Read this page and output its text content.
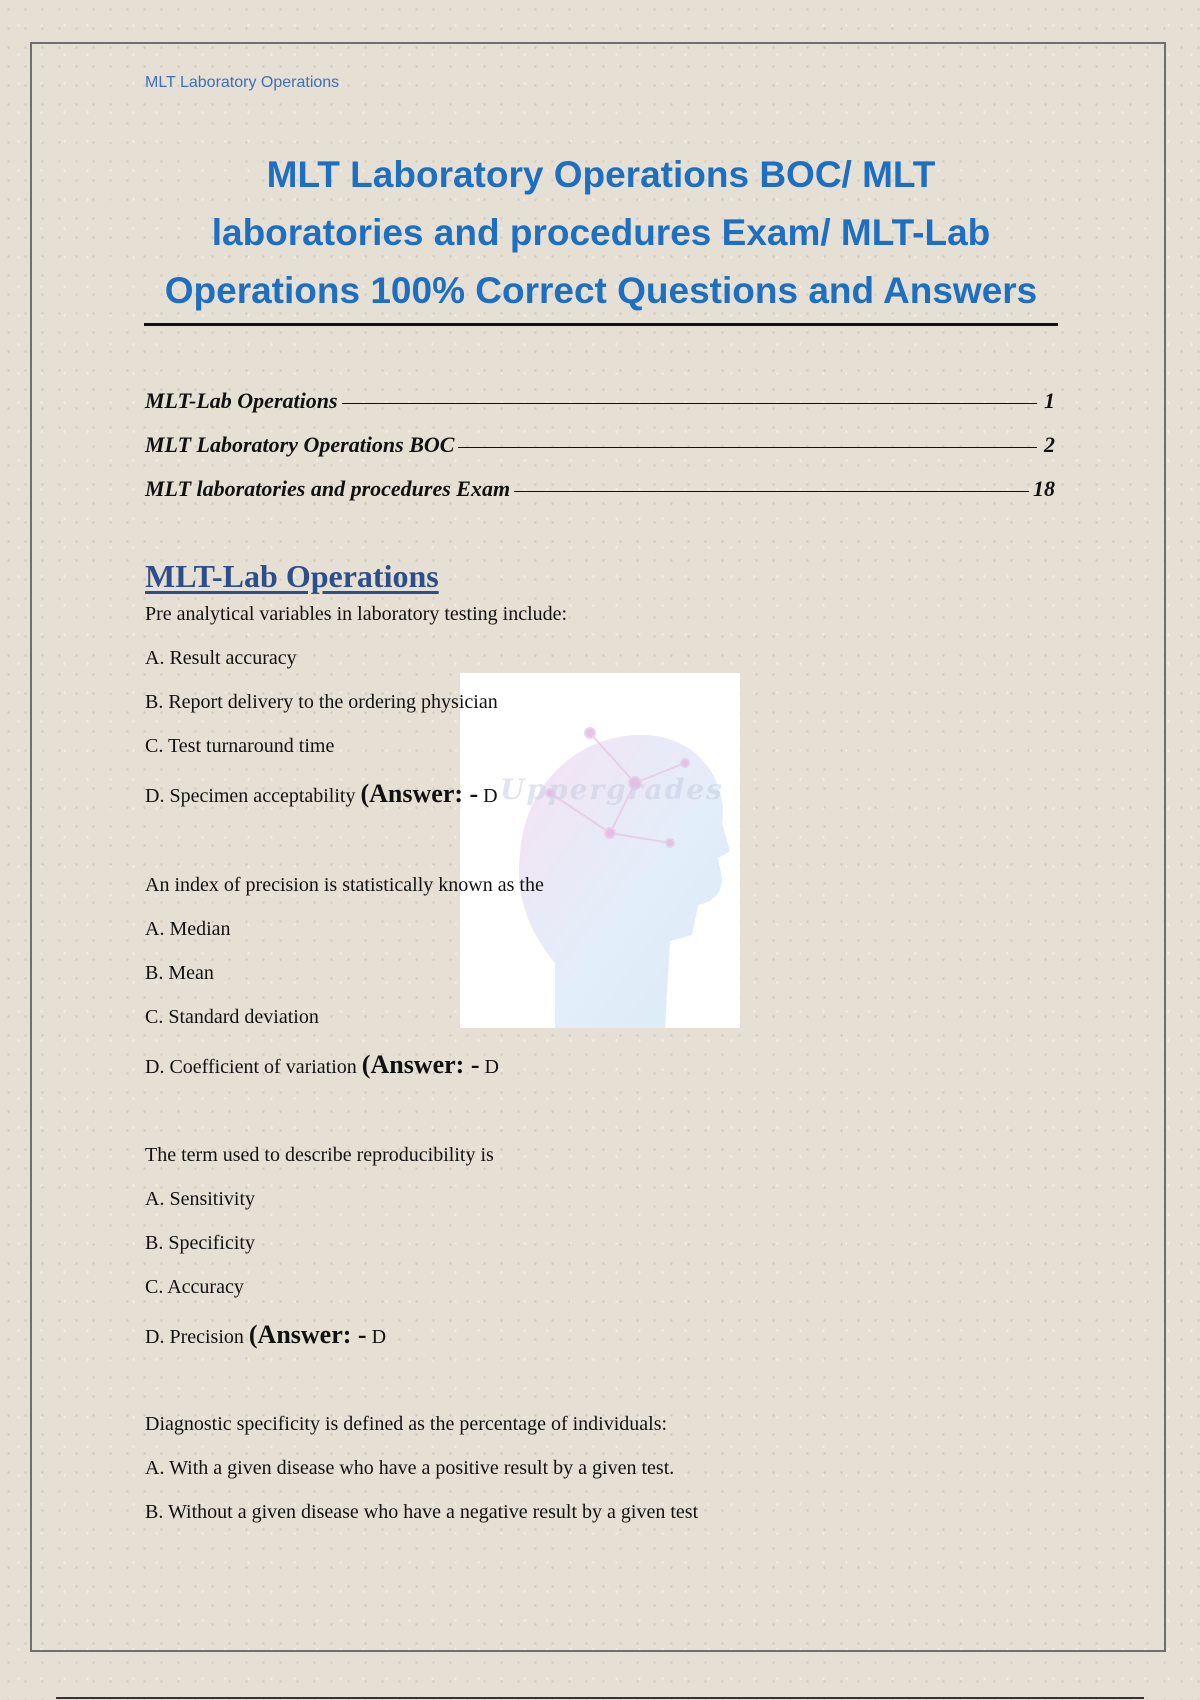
MLT Laboratory Operations
MLT Laboratory Operations BOC/ MLT
laboratories and procedures Exam/ MLT-Lab
Operations 100% Correct Questions and Answers
MLT-Lab Operations	1
MLT Laboratory Operations BOC	2
MLT laboratories and procedures Exam	18
MLT-Lab Operations
Uppergrades
Pre analytical variables in laboratory testing include:
A. Result accuracy
B. Report delivery to the ordering physician
C. Test turnaround time
D. Specimen acceptability (Answer: - D
An index of precision is statistically known as the
A. Median
B. Mean
C. Standard deviation
D. Coefficient of variation (Answer: - D
The term used to describe reproducibility is
A. Sensitivity
B. Specificity
C. Accuracy
D. Precision (Answer: - D
Diagnostic specificity is defined as the percentage of individuals:
A. With a given disease who have a positive result by a given test.
B. Without a given disease who have a negative result by a given test
